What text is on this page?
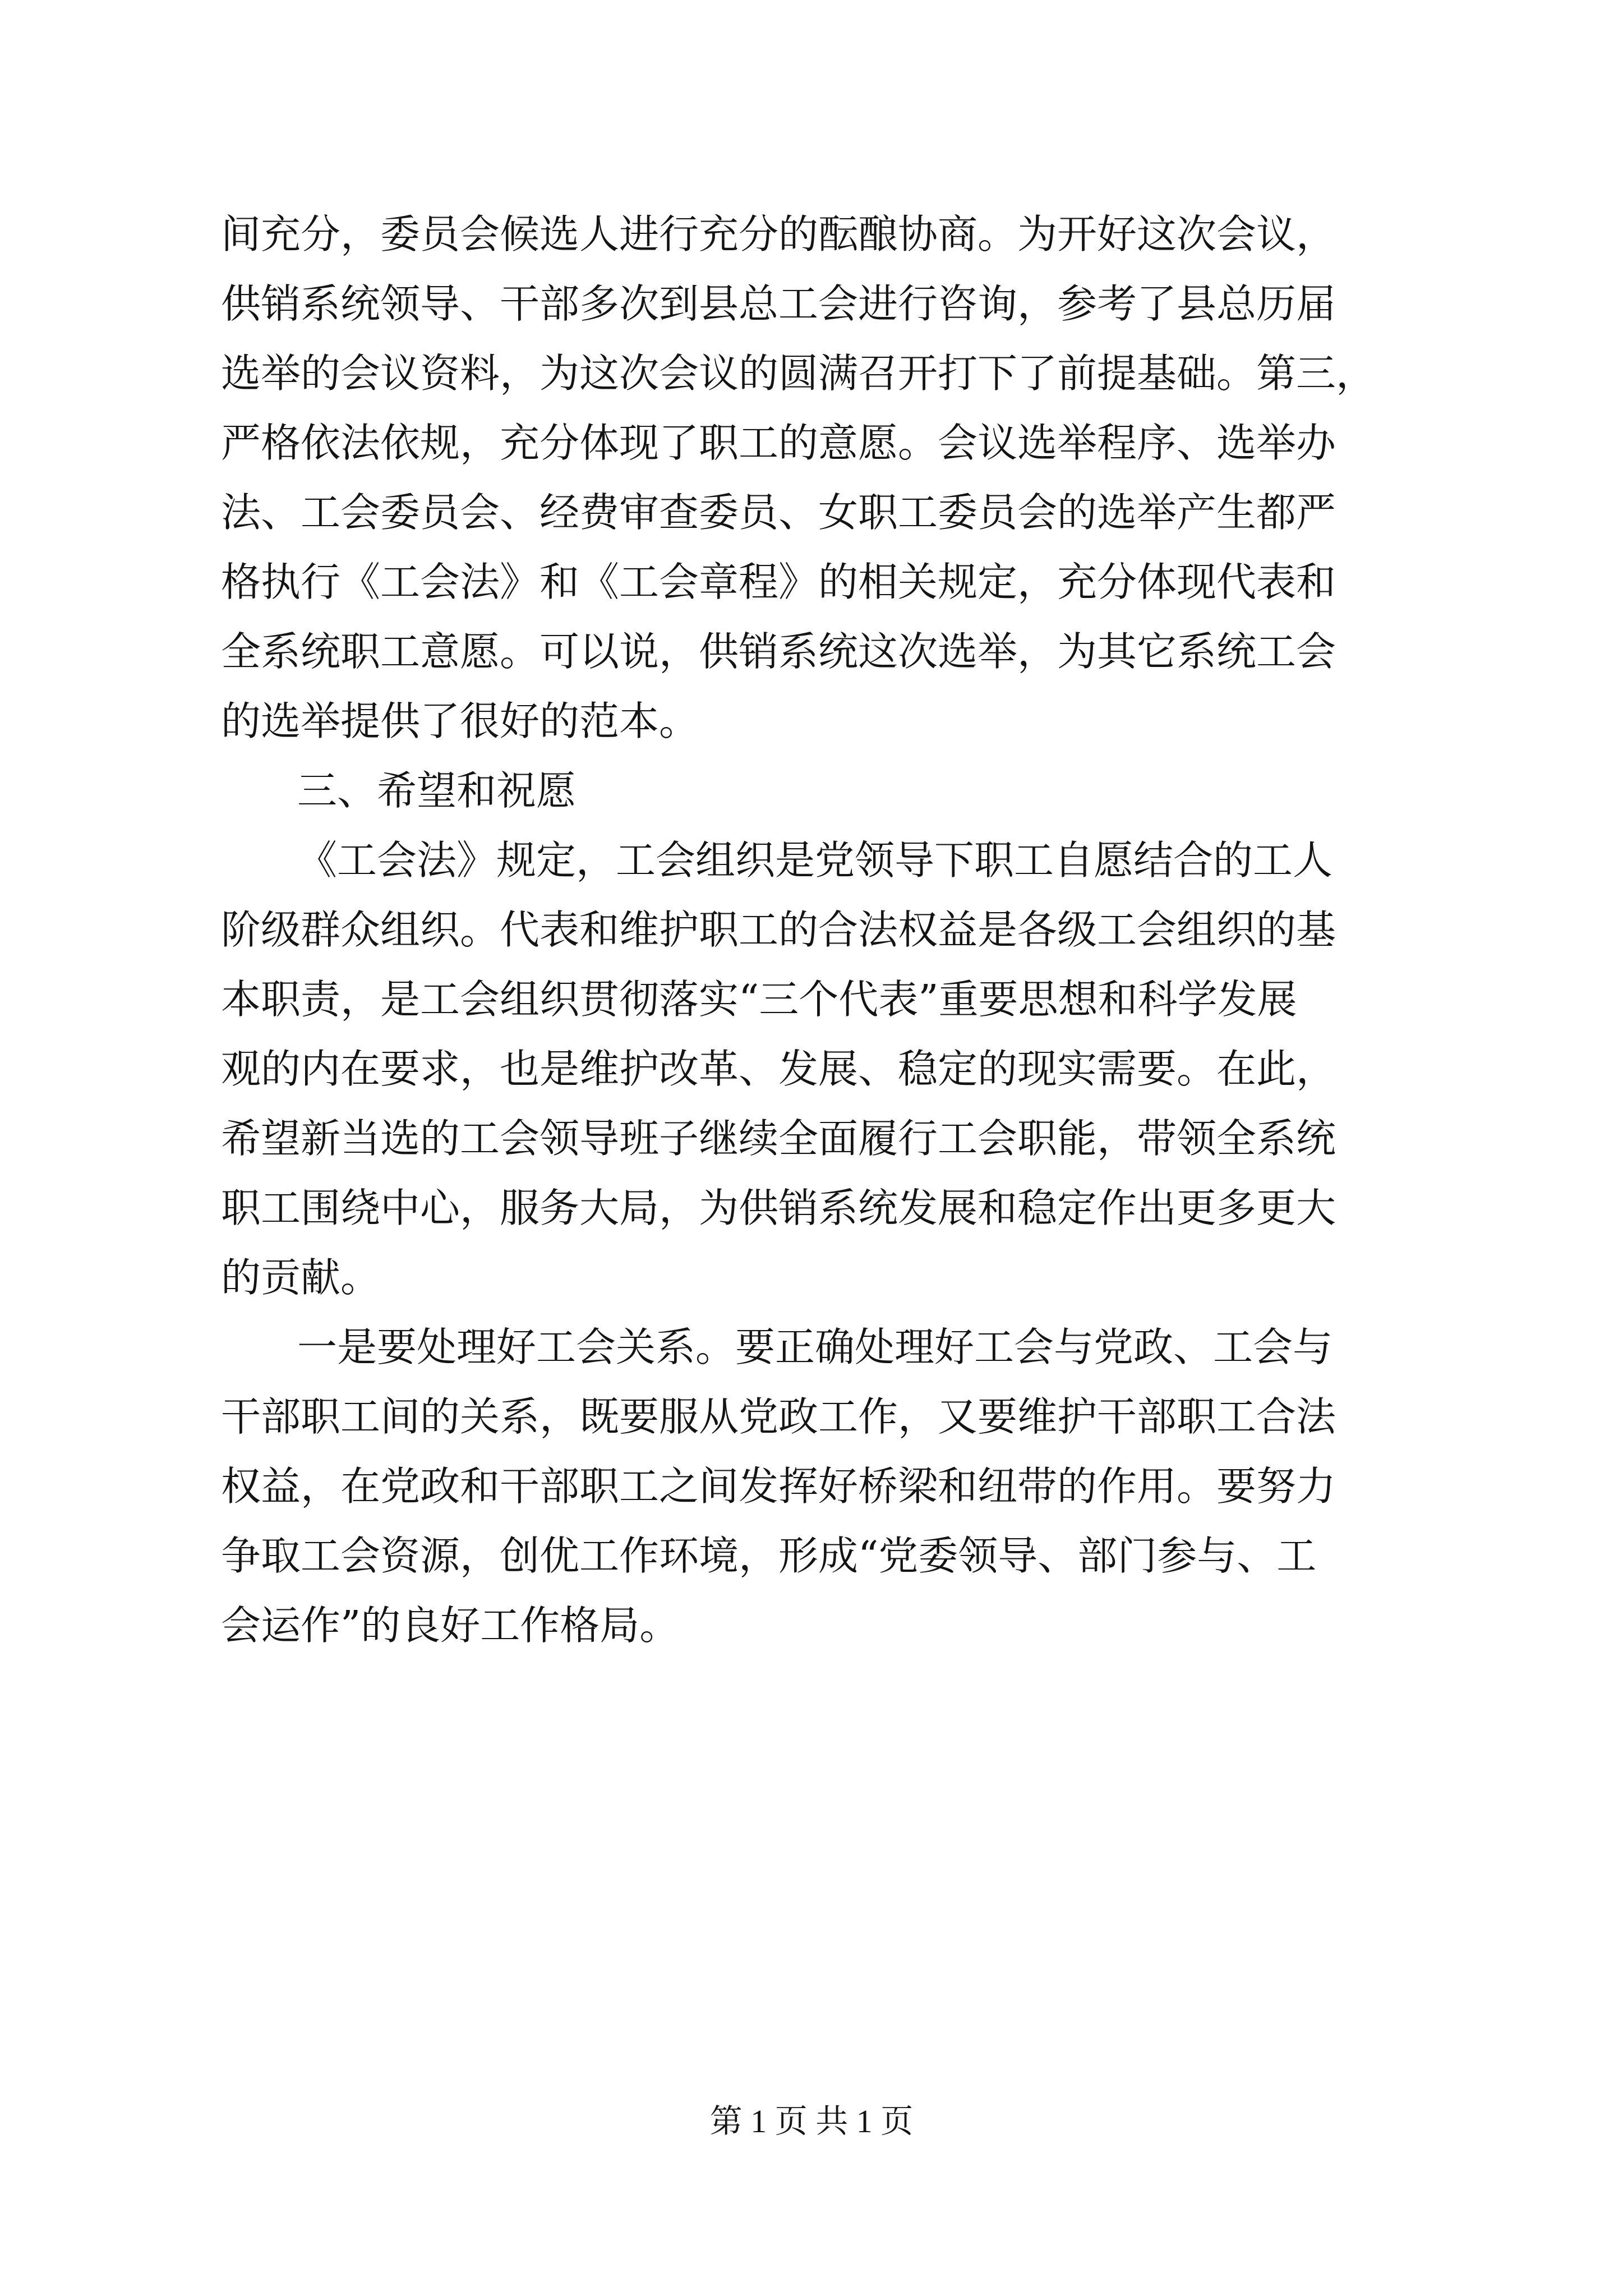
间充分，委员会候选人进行充分的酝酿协商。为开好这次会议，
供销系统领导、干部多次到县总工会进行咨询，参考了县总历届
选举的会议资料，为这次会议的圆满召开打下了前提基础。第三，
严格依法依规，充分体现了职工的意愿。会议选举程序、选举办
法、工会委员会、经费审查委员、女职工委员会的选举产生都严
格执行《工会法》和《工会章程》的相关规定，充分体现代表和
全系统职工意愿。可以说，供销系统这次选举，为其它系统工会
的选举提供了很好的范本。
三、希望和祝愿
《工会法》规定，工会组织是党领导下职工自愿结合的工人
阶级群众组织。代表和维护职工的合法权益是各级工会组织的基
本职责，是工会组织贯彻落实“三个代表”重要思想和科学发展
观的内在要求，也是维护改革、发展、稳定的现实需要。在此，
希望新当选的工会领导班子继续全面履行工会职能，带领全系统
职工围绕中心，服务大局，为供销系统发展和稳定作出更多更大
的贡献。
一是要处理好工会关系。要正确处理好工会与党政、工会与
干部职工间的关系，既要服从党政工作，又要维护干部职工合法
权益，在党政和干部职工之间发挥好桥梁和纽带的作用。要努力
争取工会资源，创优工作环境，形成“党委领导、部门参与、工
会运作”的良好工作格局。
第 1 页 共 1 页
